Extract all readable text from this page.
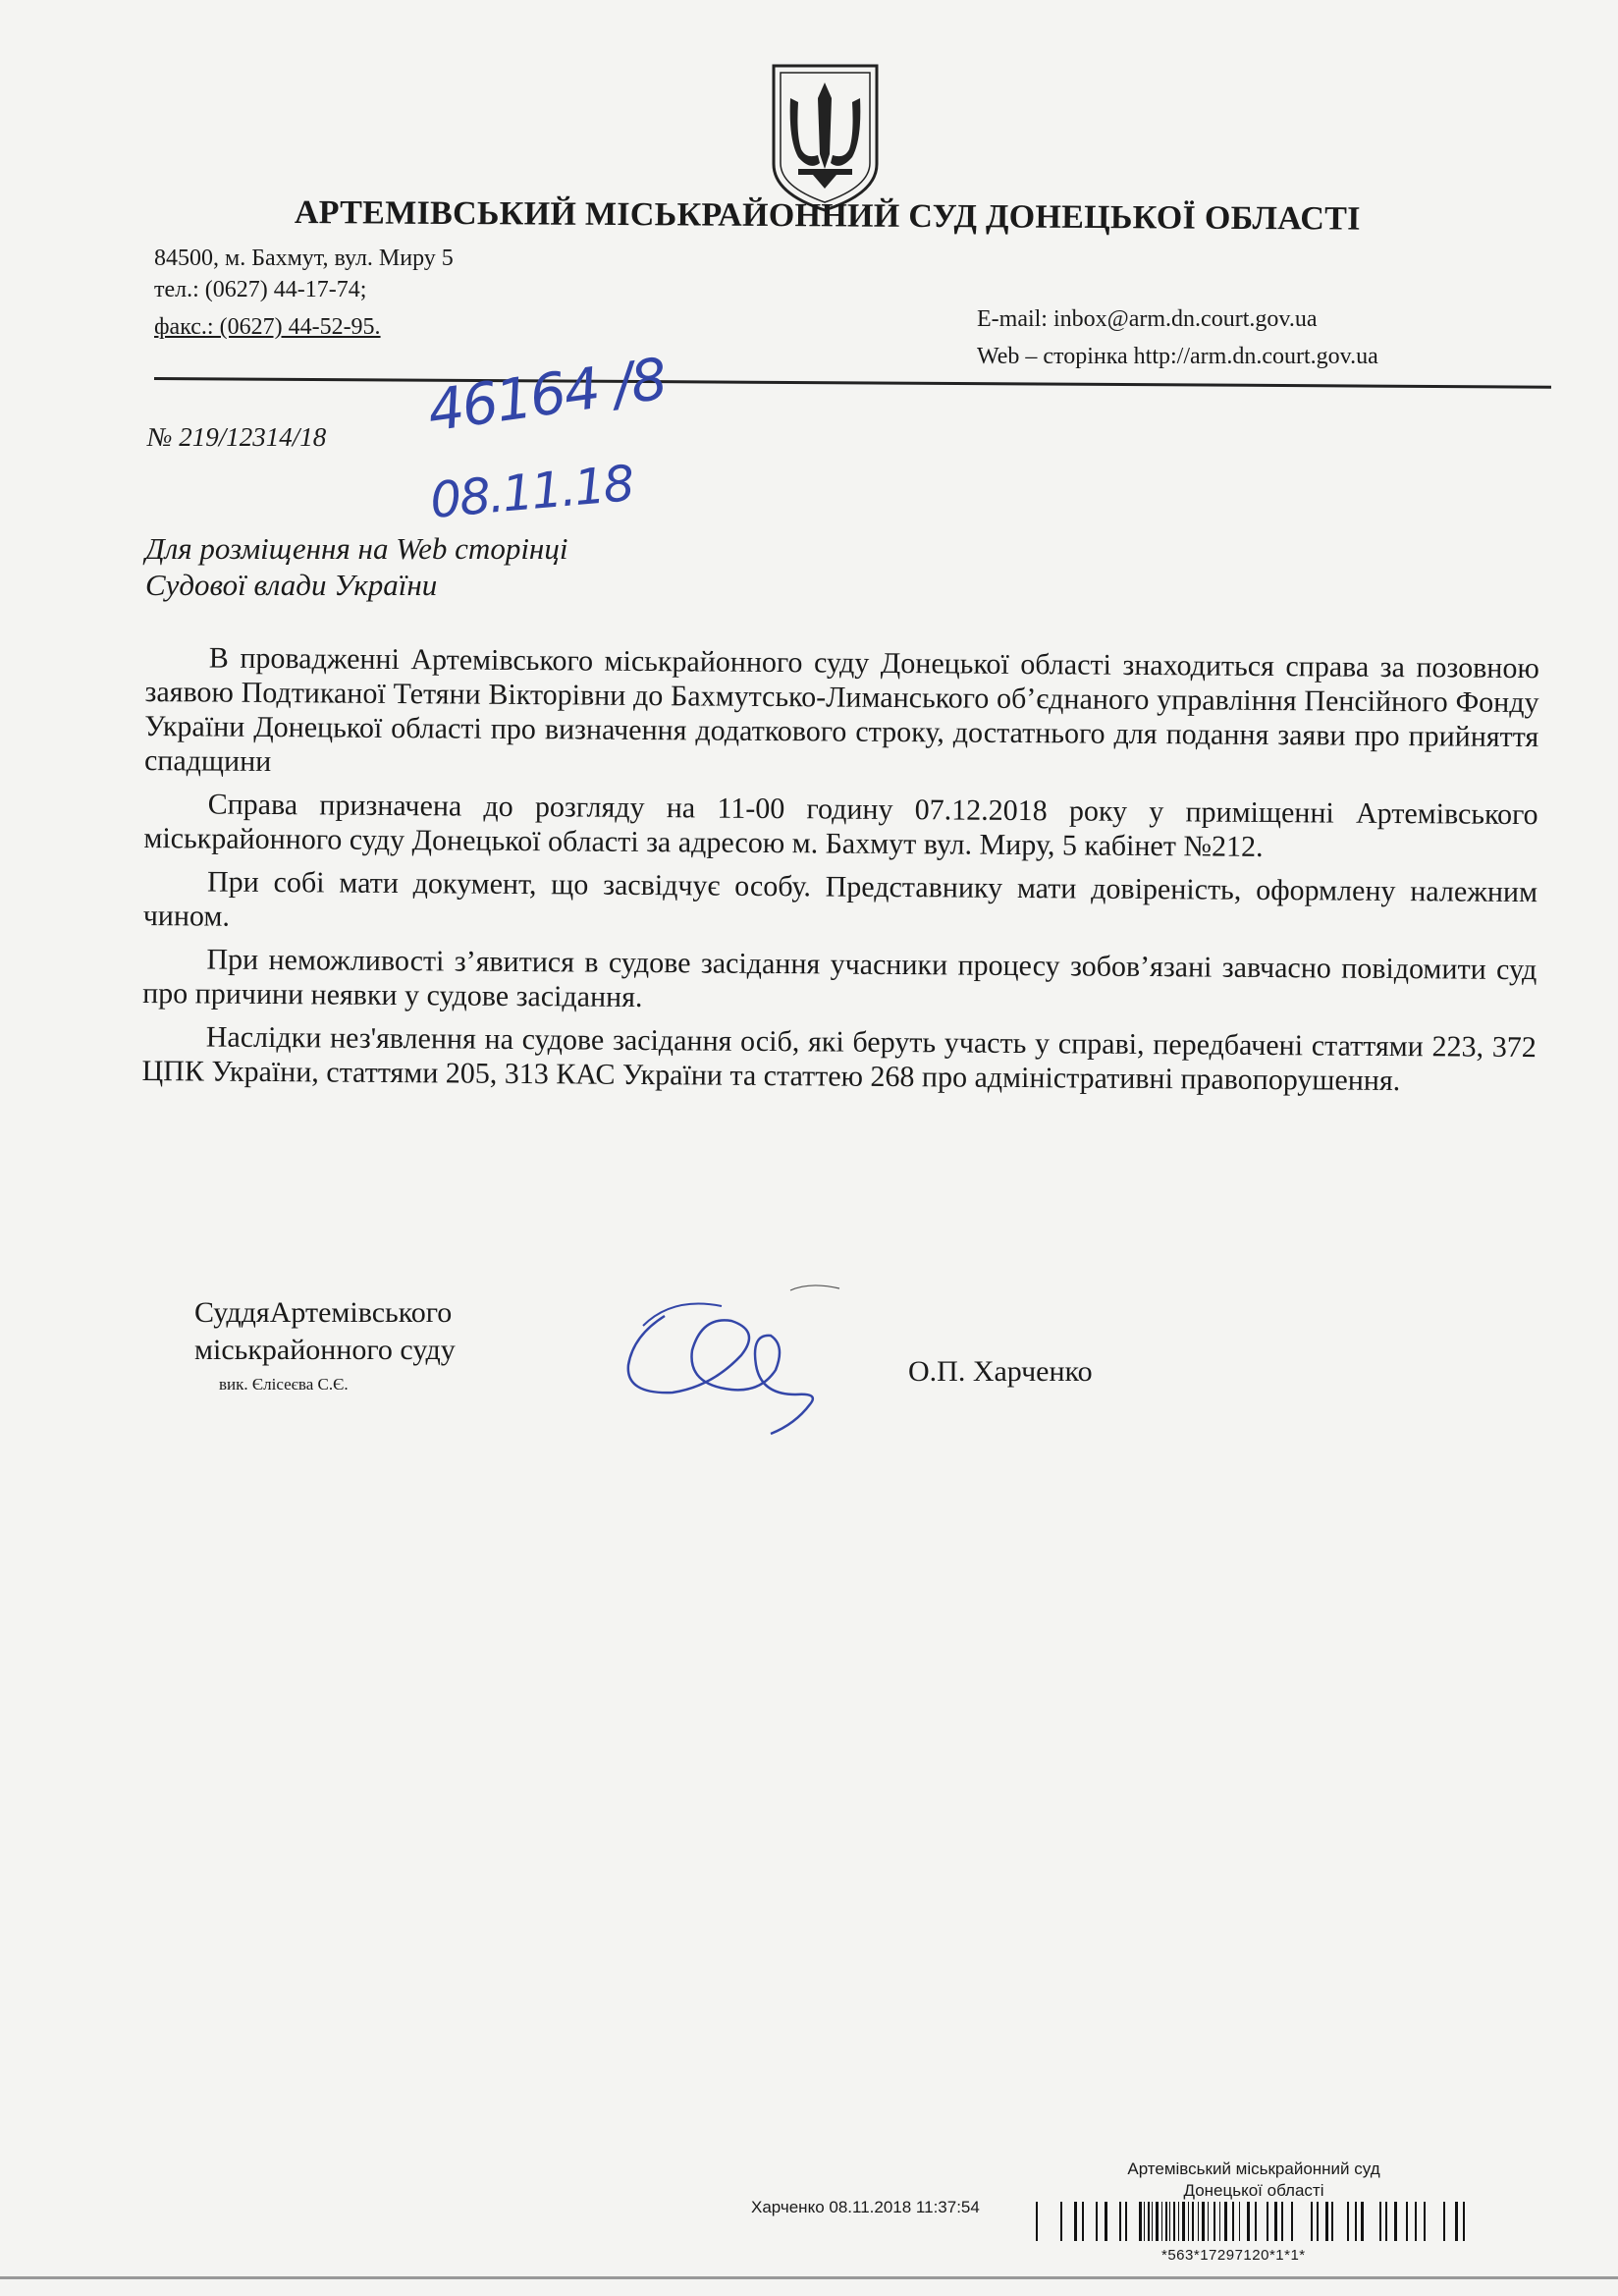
АРТЕМІВСЬКИЙ МІСЬКРАЙОННИЙ СУД ДОНЕЦЬКОЇ ОБЛАСТІ
84500, м. Бахмут, вул. Миру 5
тел.: (0627) 44-17-74;
факс.: (0627) 44-52-95.	E-mail: inbox@arm.dn.court.gov.ua
Web – сторінка http://arm.dn.court.gov.ua
46164 /8
08.11.18
№ 219/12314/18
Для розміщення на Web сторінці
Судової влади України

В провадженні Артемівського міськрайонного суду Донецької області знаходиться справа за позовною заявою Подтиканої Тетяни Вікторівни до Бахмутсько-Лиманського об’єднаного управління Пенсійного Фонду України Донецької області про визначення додаткового строку, достатнього для подання заяви про прийняття спадщини

Справа призначена до розгляду на 11-00 годину 07.12.2018 року у приміщенні Артемівського міськрайонного суду Донецької області за адресою м. Бахмут вул. Миру, 5 кабінет №212.

При собі мати документ, що засвідчує особу. Представнику мати довіреність, оформлену належним чином.

При неможливості з’явитися в судове засідання учасники процесу зобов’язані завчасно повідомити суд про причини неявки у судове засідання.

Наслідки нез'явлення на судове засідання осіб, які беруть участь у справі, передбачені статтями 223, 372 ЦПК України, статтями 205, 313 КАС України та статтею 268 про адміністративні правопорушення.

СуддяАртемівського
міськрайонного суду
вик. Єлісеєва С.Є.	О.П. Харченко
Артемівський міськрайонний суд
Донецької області
Харченко 08.11.2018 11:37:54
*563*17297120*1*1*
